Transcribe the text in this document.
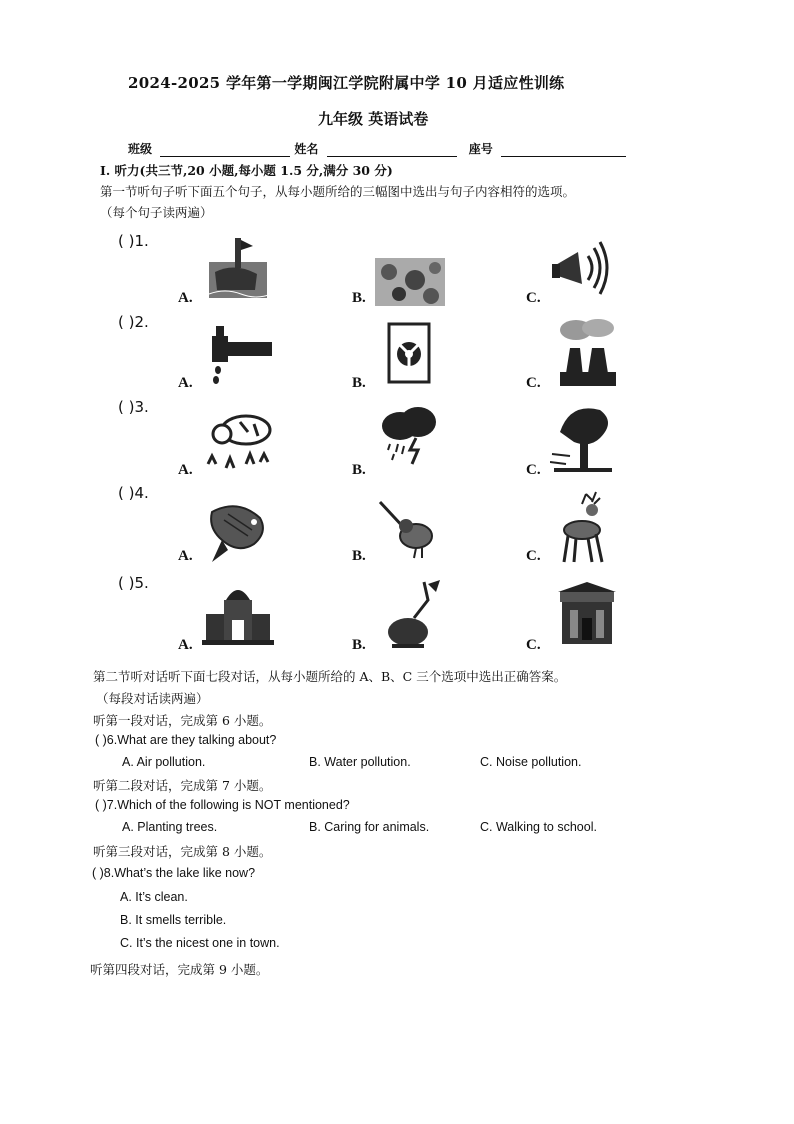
2024-2025 学年第一学期闽江学院附属中学 10 月适应性训练
九年级 英语试卷
班级	姓名	座号
I. 听力(共三节,20 小题,每小题 1.5 分,满分 30 分)
第一节听句子听下面五个句子，从每小题所给的三幅图中选出与句子内容相符的选项。
（每个句子读两遍）
( )1.
A.	B.	C.
( )2.
A.	B.	C.
( )3.
A.	B.	C.
( )4.
A.	B.	C.
( )5.
A.	B.	C.
第二节听对话听下面七段对话，从每小题所给的 A、B、C 三个选项中选出正确答案。
（每段对话读两遍）
听第一段对话，完成第 6 小题。
( )6.What are they talking about?
A. Air pollution.	B. Water pollution.	C. Noise pollution.
听第二段对话，完成第 7 小题。
( )7.Which of the following is NOT mentioned?
A. Planting trees.	B. Caring for animals.	C. Walking to school.
听第三段对话，完成第 8 小题。
( )8.What’s the lake like now?
A. It’s clean.
B. It smells terrible.
C. It’s the nicest one in town.
听第四段对话，完成第 9 小题。
